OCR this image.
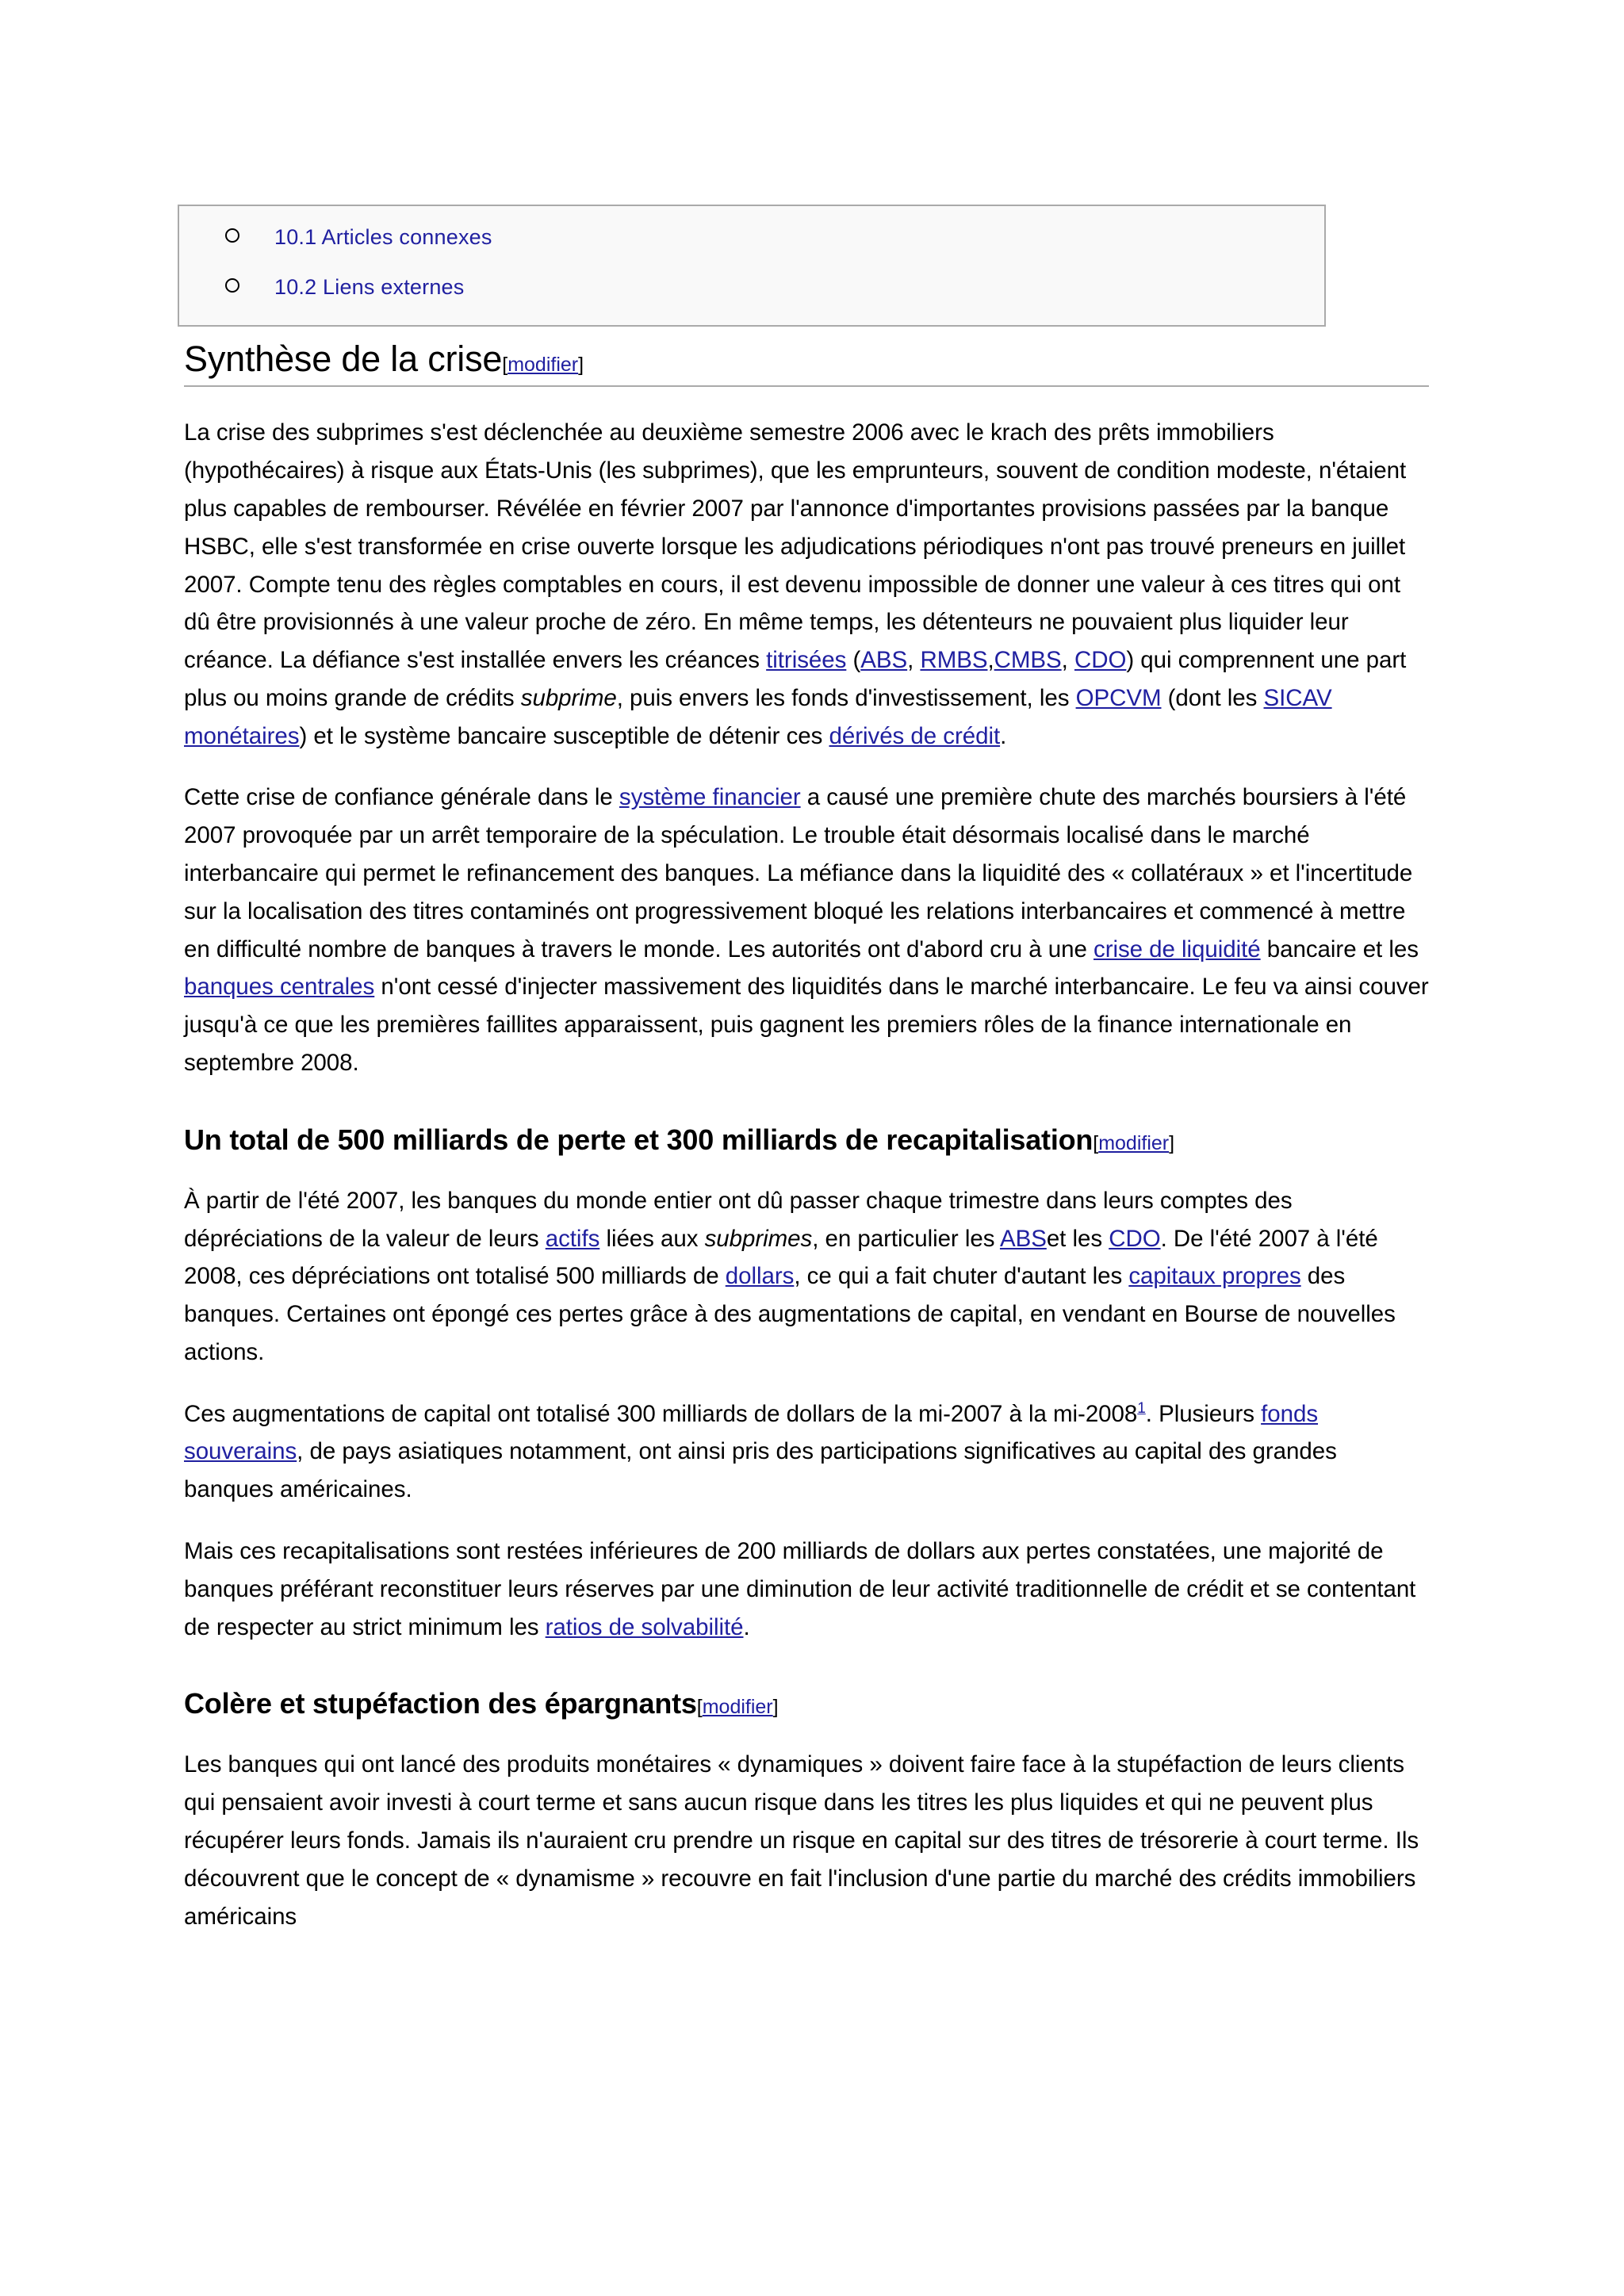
10.1 Articles connexes
10.2 Liens externes
Synthèse de la crise[modifier]

La crise des subprimes s'est déclenchée au deuxième semestre 2006 avec le krach des prêts immobiliers (hypothécaires) à risque aux États-Unis (les subprimes), que les emprunteurs, souvent de condition modeste, n'étaient plus capables de rembourser. Révélée en février 2007 par l'annonce d'importantes provisions passées par la banque HSBC, elle s'est transformée en crise ouverte lorsque les adjudications périodiques n'ont pas trouvé preneurs en juillet 2007. Compte tenu des règles comptables en cours, il est devenu impossible de donner une valeur à ces titres qui ont dû être provisionnés à une valeur proche de zéro. En même temps, les détenteurs ne pouvaient plus liquider leur créance. La défiance s'est installée envers les créances titrisées (ABS, RMBS,CMBS, CDO) qui comprennent une part plus ou moins grande de crédits subprime, puis envers les fonds d'investissement, les OPCVM (dont les SICAV monétaires) et le système bancaire susceptible de détenir ces dérivés de crédit.

Cette crise de confiance générale dans le système financier a causé une première chute des marchés boursiers à l'été 2007 provoquée par un arrêt temporaire de la spéculation. Le trouble était désormais localisé dans le marché interbancaire qui permet le refinancement des banques. La méfiance dans la liquidité des « collatéraux » et l'incertitude sur la localisation des titres contaminés ont progressivement bloqué les relations interbancaires et commencé à mettre en difficulté nombre de banques à travers le monde. Les autorités ont d'abord cru à une crise de liquidité bancaire et les banques centrales n'ont cessé d'injecter massivement des liquidités dans le marché interbancaire. Le feu va ainsi couver jusqu'à ce que les premières faillites apparaissent, puis gagnent les premiers rôles de la finance internationale en septembre 2008.

Un total de 500 milliards de perte et 300 milliards de recapitalisation[modifier]

À partir de l'été 2007, les banques du monde entier ont dû passer chaque trimestre dans leurs comptes des dépréciations de la valeur de leurs actifs liées aux subprimes, en particulier les ABSet les CDO. De l'été 2007 à l'été 2008, ces dépréciations ont totalisé 500 milliards de dollars, ce qui a fait chuter d'autant les capitaux propres des banques. Certaines ont épongé ces pertes grâce à des augmentations de capital, en vendant en Bourse de nouvelles actions.

Ces augmentations de capital ont totalisé 300 milliards de dollars de la mi-2007 à la mi-2008$^1$. Plusieurs fonds souverains, de pays asiatiques notamment, ont ainsi pris des participations significatives au capital des grandes banques américaines.

Mais ces recapitalisations sont restées inférieures de 200 milliards de dollars aux pertes constatées, une majorité de banques préférant reconstituer leurs réserves par une diminution de leur activité traditionnelle de crédit et se contentant de respecter au strict minimum les ratios de solvabilité.

Colère et stupéfaction des épargnants[modifier]

Les banques qui ont lancé des produits monétaires « dynamiques » doivent faire face à la stupéfaction de leurs clients qui pensaient avoir investi à court terme et sans aucun risque dans les titres les plus liquides et qui ne peuvent plus récupérer leurs fonds. Jamais ils n'auraient cru prendre un risque en capital sur des titres de trésorerie à court terme. Ils découvrent que le concept de « dynamisme » recouvre en fait l'inclusion d'une partie du marché des crédits immobiliers américains
